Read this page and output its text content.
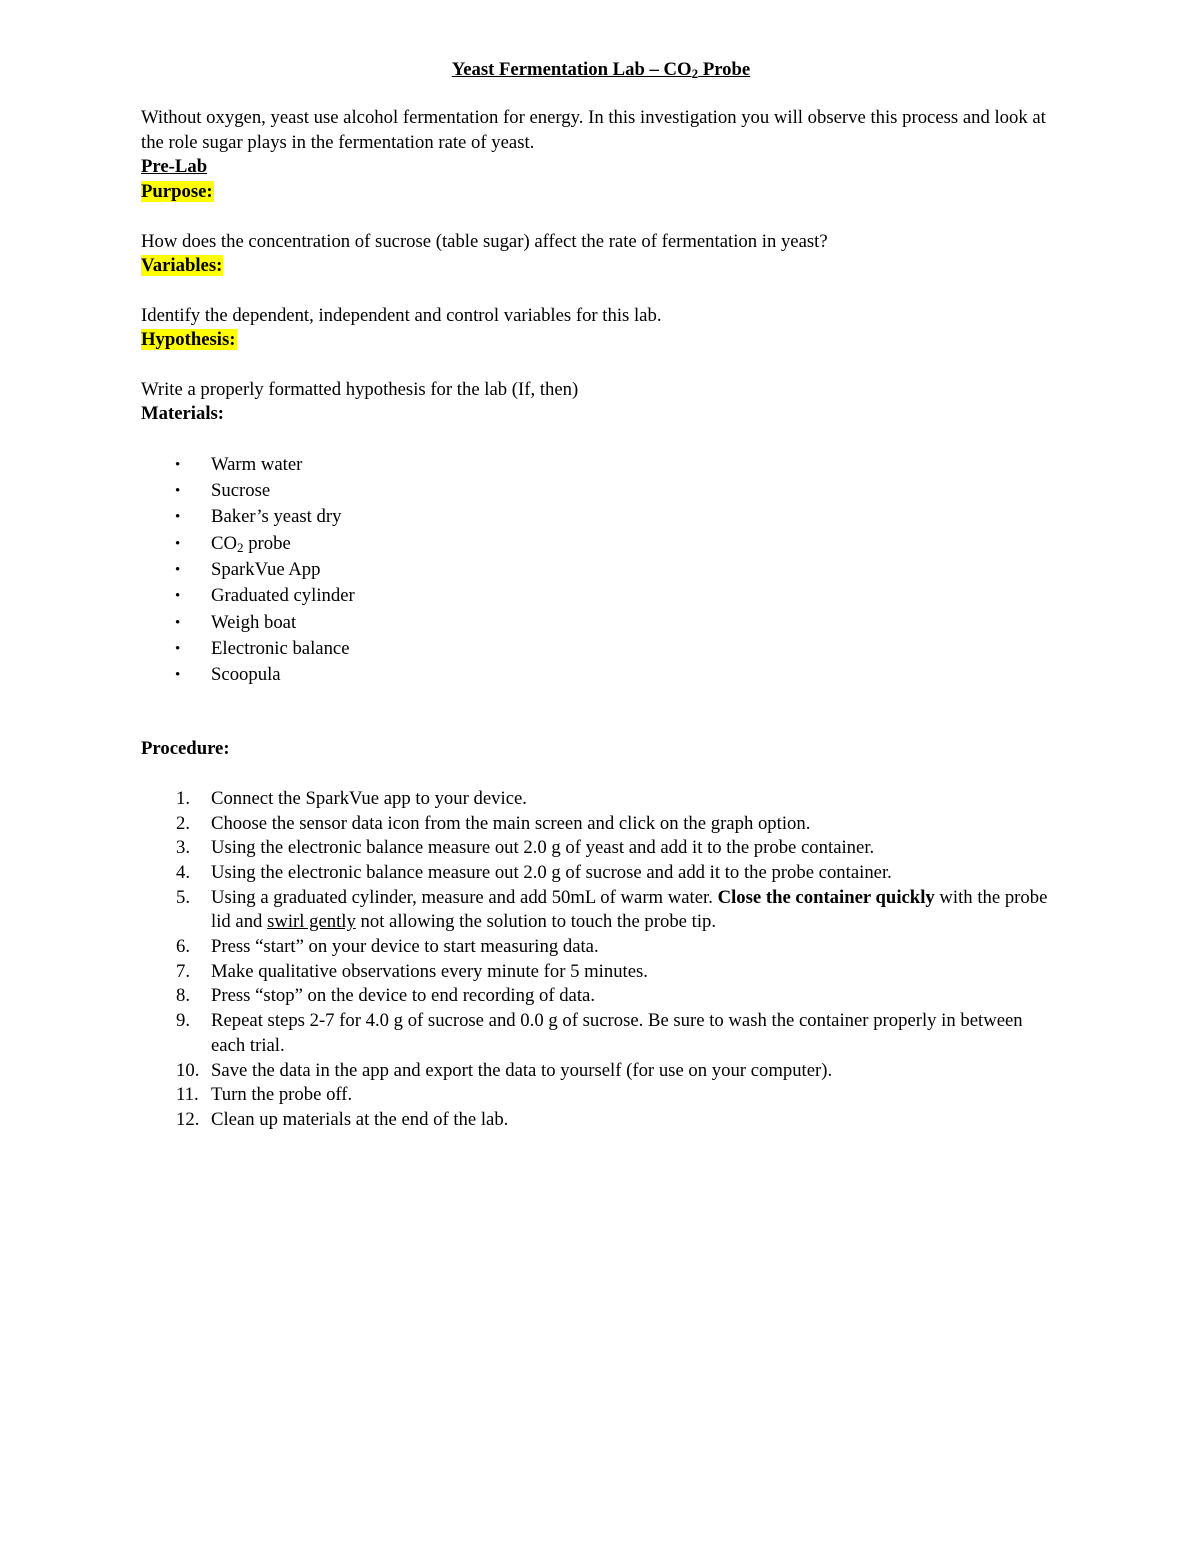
Yeast Fermentation Lab – $CO_2$ Probe

Without oxygen, yeast use alcohol fermentation for energy. In this investigation you will observe this process and look at the role sugar plays in the fermentation rate of yeast.

Pre-Lab

Purpose:

How does the concentration of sucrose (table sugar) affect the rate of fermentation in yeast?

Variables:

Identify the dependent, independent and control variables for this lab.

Hypothesis:

Write a properly formatted hypothesis for the lab (If, then)

Materials:

• Warm water
• Sucrose
• Baker’s yeast dry
• $CO_2$ probe
• SparkVue App
• Graduated cylinder
• Weigh boat
• Electronic balance
• Scoopula

Procedure:

1.	Connect the SparkVue app to your device.
2.	Choose the sensor data icon from the main screen and click on the graph option.
3.	Using the electronic balance measure out 2.0 g of yeast and add it to the probe container.
4.	Using the electronic balance measure out 2.0 g of sucrose and add it to the probe container.
5.	Using a graduated cylinder, measure and add 50mL of warm water. Close the container quickly with the probe lid and swirl gently not allowing the solution to touch the probe tip.
6.	Press “start” on your device to start measuring data.
7.	Make qualitative observations every minute for 5 minutes.
8.	Press “stop” on the device to end recording of data.
9.	Repeat steps 2-7 for 4.0 g of sucrose and 0.0 g of sucrose. Be sure to wash the container properly in between each trial.
10. Save the data in the app and export the data to yourself (for use on your computer).
11. Turn the probe off.
12. Clean up materials at the end of the lab.
